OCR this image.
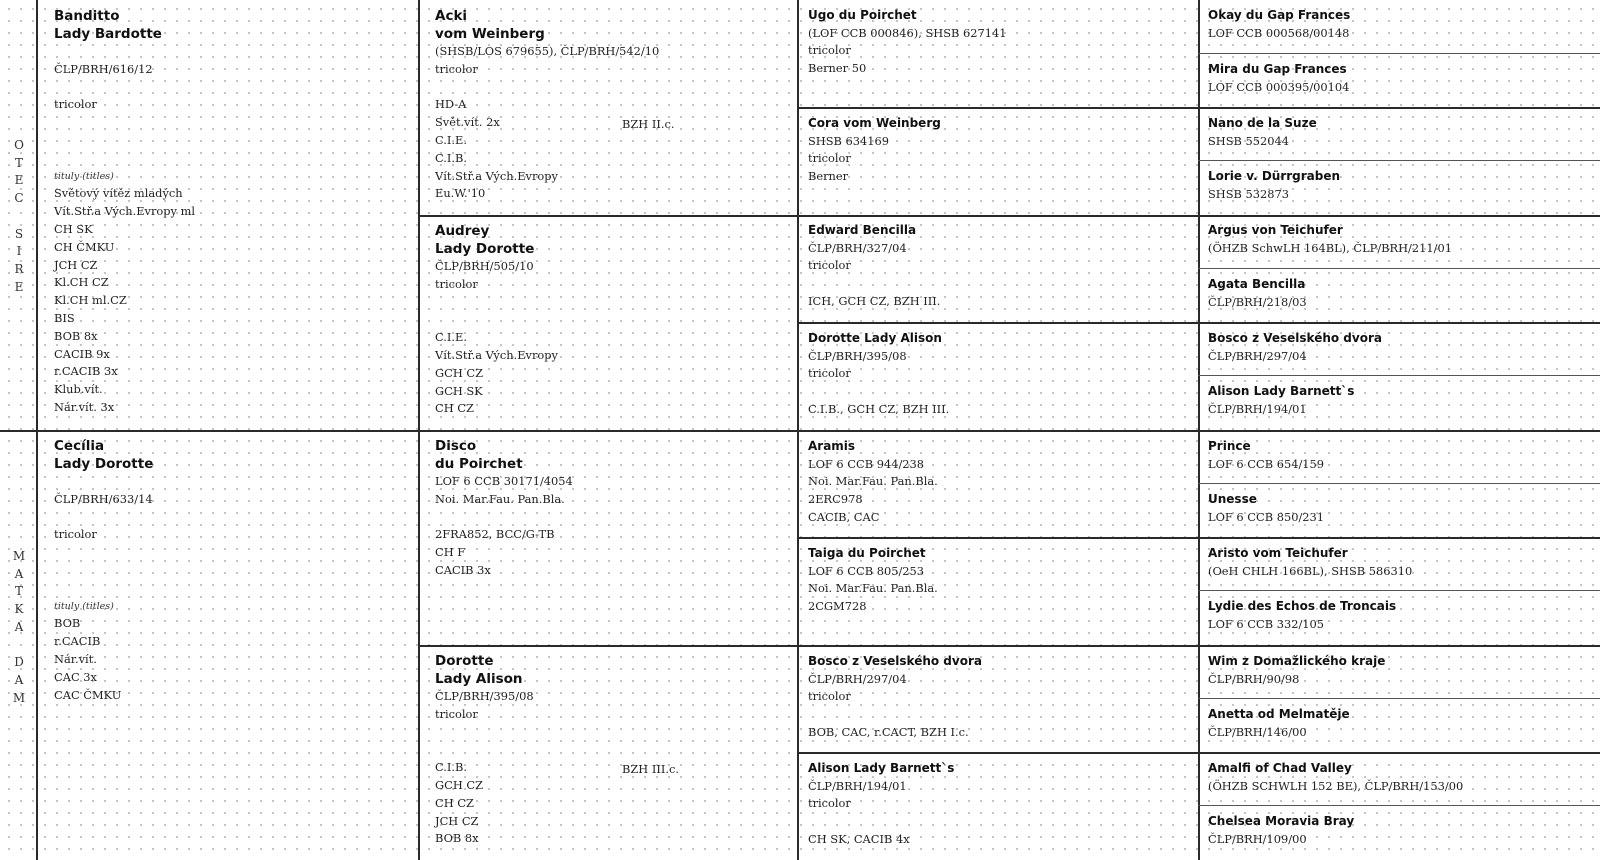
O
T
E
C

S
I
R
E
M
A
T
K
A

D
A
M
Banditto
Lady Bardotte
ČLP/BRH/616/12
tricolor
tituly (titles)
Světový vítěz mladých
Vít.Stř.a Vých.Evropy ml
CH SK
CH ČMKU
JCH CZ
Kl.CH CZ
Kl.CH ml.CZ
BIS
BOB 8x
CACIB 9x
r.CACIB 3x
Klub.vít.
Nár.vít. 3x
Cecília
Lady Dorotte
ČLP/BRH/633/14
tricolor
tituly (titles)
BOB
r.CACIB
Nár.vít.
CAC 3x
CAC ČMKU
Acki
vom Weinberg
(SHSB/LOS 679655), ČLP/BRH/542/10
tricolor
HD-A
Svět.vít. 2x
C.I.E.
C.I.B.
Vít.Stř.a Vých.Evropy
Eu.W.'10
BZH II.c.
Audrey
Lady Dorotte
ČLP/BRH/505/10
tricolor
C.I.E.
Vít.Stř.a Vých.Evropy
GCH CZ
GCH SK
CH CZ
Disco
du Poirchet
LOF 6 CCB 30171/4054
Noi. Mar.Fau. Pan.Bla.
2FRA852, BCC/G-TB
CH F
CACIB 3x
Dorotte
Lady Alison
ČLP/BRH/395/08
tricolor
C.I.B.
GCH CZ
CH CZ
JCH CZ
BOB 8x
BZH III.c.
Ugo du Poirchet
(LOF CCB 000846), SHSB 627141
tricolor
Berner 50
Cora vom Weinberg
SHSB 634169
tricolor
Berner
Edward Bencilla
ČLP/BRH/327/04
tricolor
ICH, GCH CZ, BZH III.
Dorotte Lady Alison
ČLP/BRH/395/08
tricolor
C.I.B., GCH CZ, BZH III.
Aramis
LOF 6 CCB 944/238
Noi. Mar.Fau. Pan.Bla.
2ERC978
CACIB, CAC
Taiga du Poirchet
LOF 6 CCB 805/253
Noi. Mar.Fau. Pan.Bla.
2CGM728
Bosco z Veselského dvora
ČLP/BRH/297/04
tricolor
BOB, CAC, r.CACT, BZH I.c.
Alison Lady Barnett`s
ČLP/BRH/194/01
tricolor
CH SK, CACIB 4x
Okay du Gap Frances
LOF CCB 000568/00148
Mira du Gap Frances
LOF CCB 000395/00104
Nano de la Suze
SHSB 552044
Lorie v. Dürrgraben
SHSB 532873
Argus von Teichufer
(ÖHZB SchwLH 164BL), ČLP/BRH/211/01
Agata Bencilla
ČLP/BRH/218/03
Bosco z Veselského dvora
ČLP/BRH/297/04
Alison Lady Barnett`s
ČLP/BRH/194/01
Prince
LOF 6 CCB 654/159
Unesse
LOF 6 CCB 850/231
Aristo vom Teichufer
(OeH CHLH 166BL), SHSB 586310
Lydie des Echos de Troncais
LOF 6 CCB 332/105
Wim z Domažlického kraje
ČLP/BRH/90/98
Anetta od Melmatěje
ČLP/BRH/146/00
Amalfi of Chad Valley
(ÖHZB SCHWLH 152 BE), ČLP/BRH/153/00
Chelsea Moravia Bray
ČLP/BRH/109/00
